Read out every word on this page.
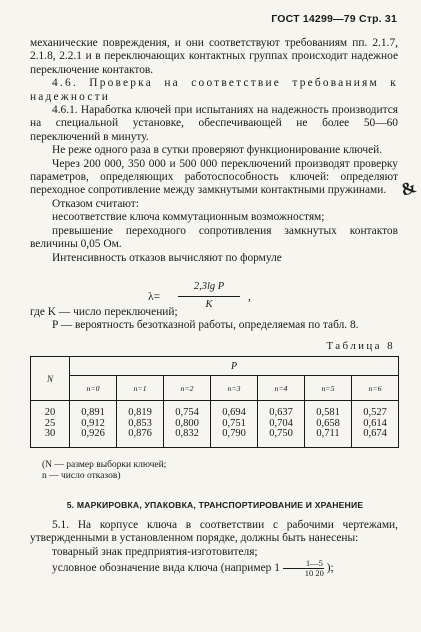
ГОСТ 14299—79 Стр. 31

механические повреждения, и они соответствуют требованиям пп. 2.1.7, 2.1.8, 2.2.1 и в переключающих контактных группах происходит надежное переключение контактов.

4.6. Проверка на соответствие требованиям к надежности

4.6.1. Наработка ключей при испытаниях на надежность производится на специальной установке, обеспечивающей не более 50—60 переключений в минуту.

Не реже одного раза в сутки проверяют функционирование ключей.

Через 200 000, 350 000 и 500 000 переключений производят проверку параметров, определяющих работоспособность ключей: определяют переходное сопротивление между замкнутыми контактными пружинами.

Отказом считают:

несоответствие ключа коммутационным возможностям;

превышение переходного сопротивления замкнутых контактов величины 0,05 Ом.

Интенсивность отказов вычисляют по формуле

λ=
2,3lg P
K
,

где K — число переключений;

P — вероятность безотказной работы, определяемая по табл. 8.

Таблица 8
N	P						
	n=0	n=1	n=2	n=3	n=4	n=5	n=6
20	0,891	0,819	0,754	0,694	0,637	0,581	0,527
25	0,912	0,853	0,800	0,751	0,704	0,658	0,614
30	0,926	0,876	0,832	0,790	0,750	0,711	0,674

(N — размер выборки ключей;

n — число отказов)

5. МАРКИРОВКА, УПАКОВКА, ТРАНСПОРТИРОВАНИЕ И ХРАНЕНИЕ

5.1. На корпусе ключа в соответствии с рабочими чертежами, утвержденными в установленном порядке, должны быть нанесены:

товарный знак предприятия-изготовителя;

условное обозначение вида ключа (например $1 \frac{1—5}{10 20}$ );

&
